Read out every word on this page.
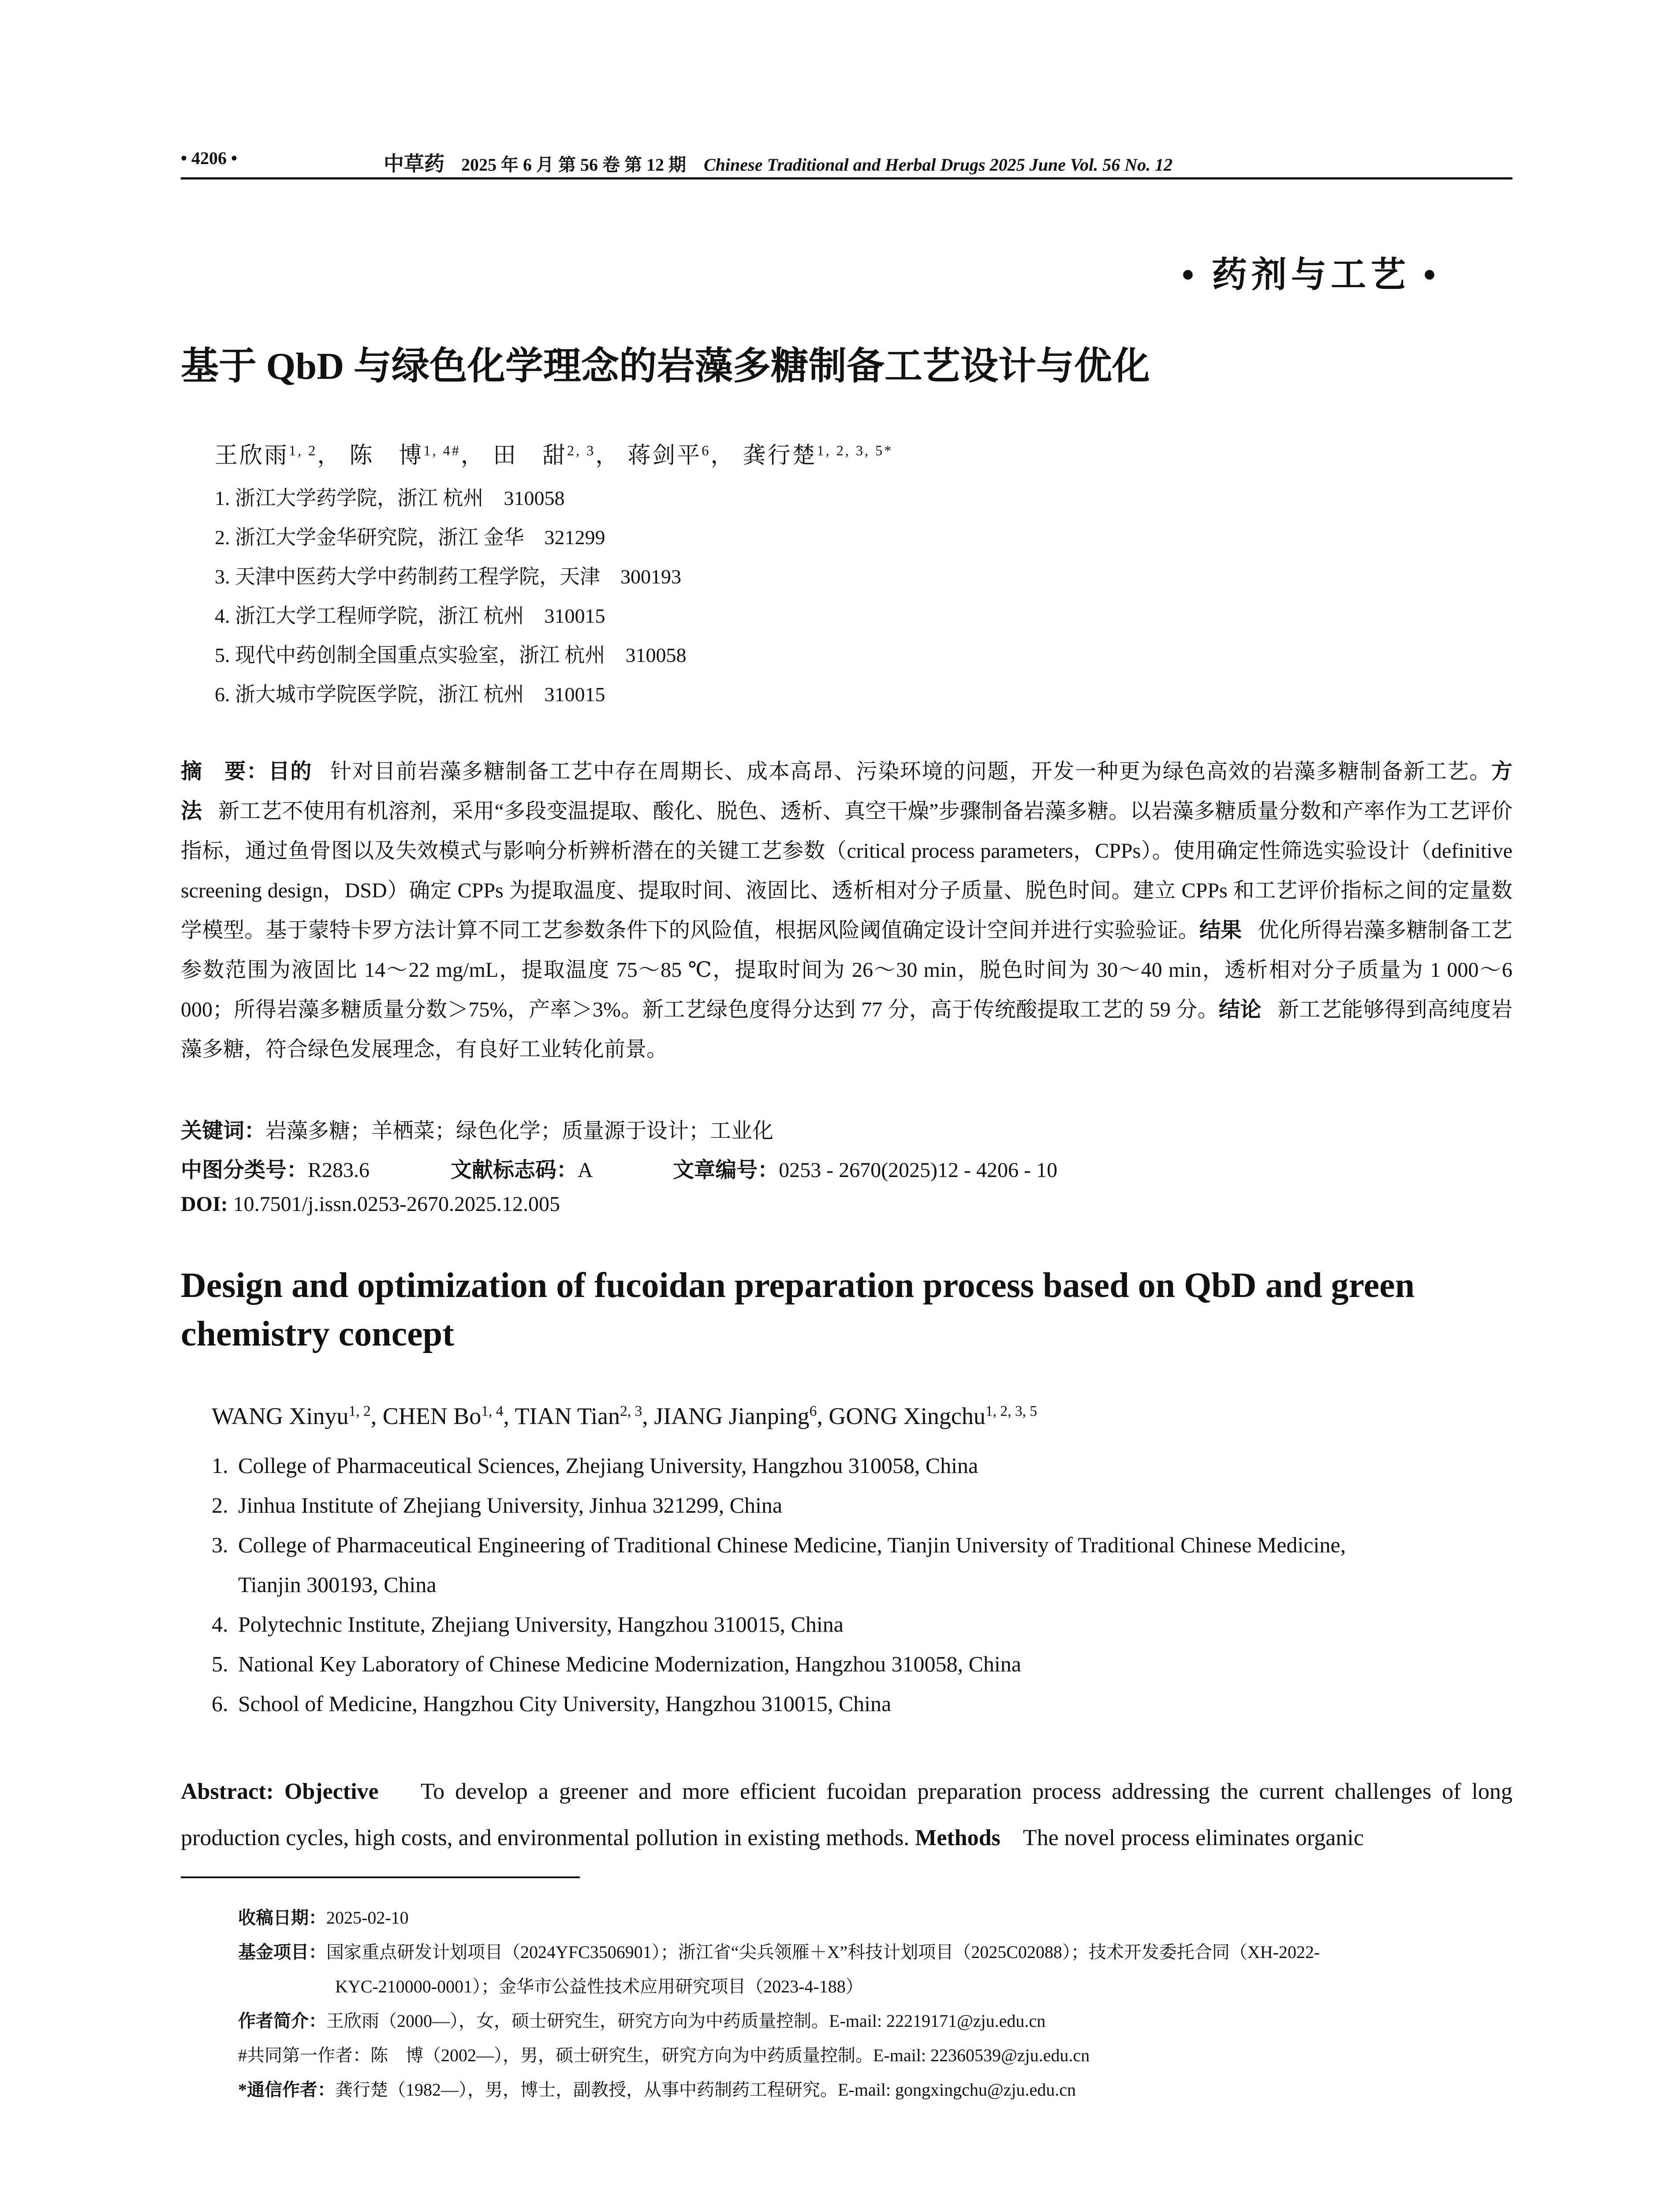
• 4206 •	中草药 2025 年 6 月 第 56 卷 第 12 期 Chinese Traditional and Herbal Drugs 2025 June Vol. 56 No. 12
• 药剂与工艺 •
基于 QbD 与绿色化学理念的岩藻多糖制备工艺设计与优化
王欣雨$^{1, 2}$， 陈　博$^{1, 4\#}$， 田　甜$^{2, 3}$， 蒋剑平$^6$， 龚行楚$^{1, 2, 3, 5*}$
1. 浙江大学药学院，浙江 杭州　310058
2. 浙江大学金华研究院，浙江 金华　321299
3. 天津中医药大学中药制药工程学院，天津　300193
4. 浙江大学工程师学院，浙江 杭州　310015
5. 现代中药创制全国重点实验室，浙江 杭州　310058
6. 浙大城市学院医学院，浙江 杭州　310015
摘　要：目的 针对目前岩藻多糖制备工艺中存在周期长、成本高昂、污染环境的问题，开发一种更为绿色高效的岩藻多糖制备新工艺。方法 新工艺不使用有机溶剂，采用“多段变温提取、酸化、脱色、透析、真空干燥”步骤制备岩藻多糖。以岩藻多糖质量分数和产率作为工艺评价指标，通过鱼骨图以及失效模式与影响分析辨析潜在的关键工艺参数（critical process parameters，CPPs）。使用确定性筛选实验设计（definitive screening design，DSD）确定 CPPs 为提取温度、提取时间、液固比、透析相对分子质量、脱色时间。建立 CPPs 和工艺评价指标之间的定量数学模型。基于蒙特卡罗方法计算不同工艺参数条件下的风险值，根据风险阈值确定设计空间并进行实验验证。结果 优化所得岩藻多糖制备工艺参数范围为液固比 14～22 mg/mL，提取温度 75～85 ℃，提取时间为 26～30 min，脱色时间为 30～40 min，透析相对分子质量为 1 000～6 000；所得岩藻多糖质量分数＞75%，产率＞3%。新工艺绿色度得分达到 77 分，高于传统酸提取工艺的 59 分。结论 新工艺能够得到高纯度岩藻多糖，符合绿色发展理念，有良好工业转化前景。
关键词：岩藻多糖；羊栖菜；绿色化学；质量源于设计；工业化
中图分类号：R283.6	文献标志码：A	文章编号：0253 - 2670(2025)12 - 4206 - 10
DOI: 10.7501/j.issn.0253-2670.2025.12.005
Design and optimization of fucoidan preparation process based on QbD and green chemistry concept
WANG Xinyu$^{1, 2}$, CHEN Bo$^{1, 4}$, TIAN Tian$^{2, 3}$, JIANG Jianping$^6$, GONG Xingchu$^{1, 2, 3, 5}$
1. College of Pharmaceutical Sciences, Zhejiang University, Hangzhou 310058, China
2. Jinhua Institute of Zhejiang University, Jinhua 321299, China
3. College of Pharmaceutical Engineering of Traditional Chinese Medicine, Tianjin University of Traditional Chinese Medicine,
Tianjin 300193, China
4. Polytechnic Institute, Zhejiang University, Hangzhou 310015, China
5. National Key Laboratory of Chinese Medicine Modernization, Hangzhou 310058, China
6. School of Medicine, Hangzhou City University, Hangzhou 310015, China
Abstract: Objective To develop a greener and more efficient fucoidan preparation process addressing the current challenges of long production cycles, high costs, and environmental pollution in existing methods. Methods The novel process eliminates organic
收稿日期：2025-02-10
基金项目：国家重点研发计划项目（2024YFC3506901）；浙江省“尖兵领雁＋X”科技计划项目（2025C02088）；技术开发委托合同（XH-2022-
KYC-210000-0001）；金华市公益性技术应用研究项目（2023-4-188）
作者简介：王欣雨（2000—），女，硕士研究生，研究方向为中药质量控制。E-mail: 22219171@zju.edu.cn
#共同第一作者：陈　博（2002—），男，硕士研究生，研究方向为中药质量控制。E-mail: 22360539@zju.edu.cn
*通信作者：龚行楚（1982—），男，博士，副教授，从事中药制药工程研究。E-mail: gongxingchu@zju.edu.cn
